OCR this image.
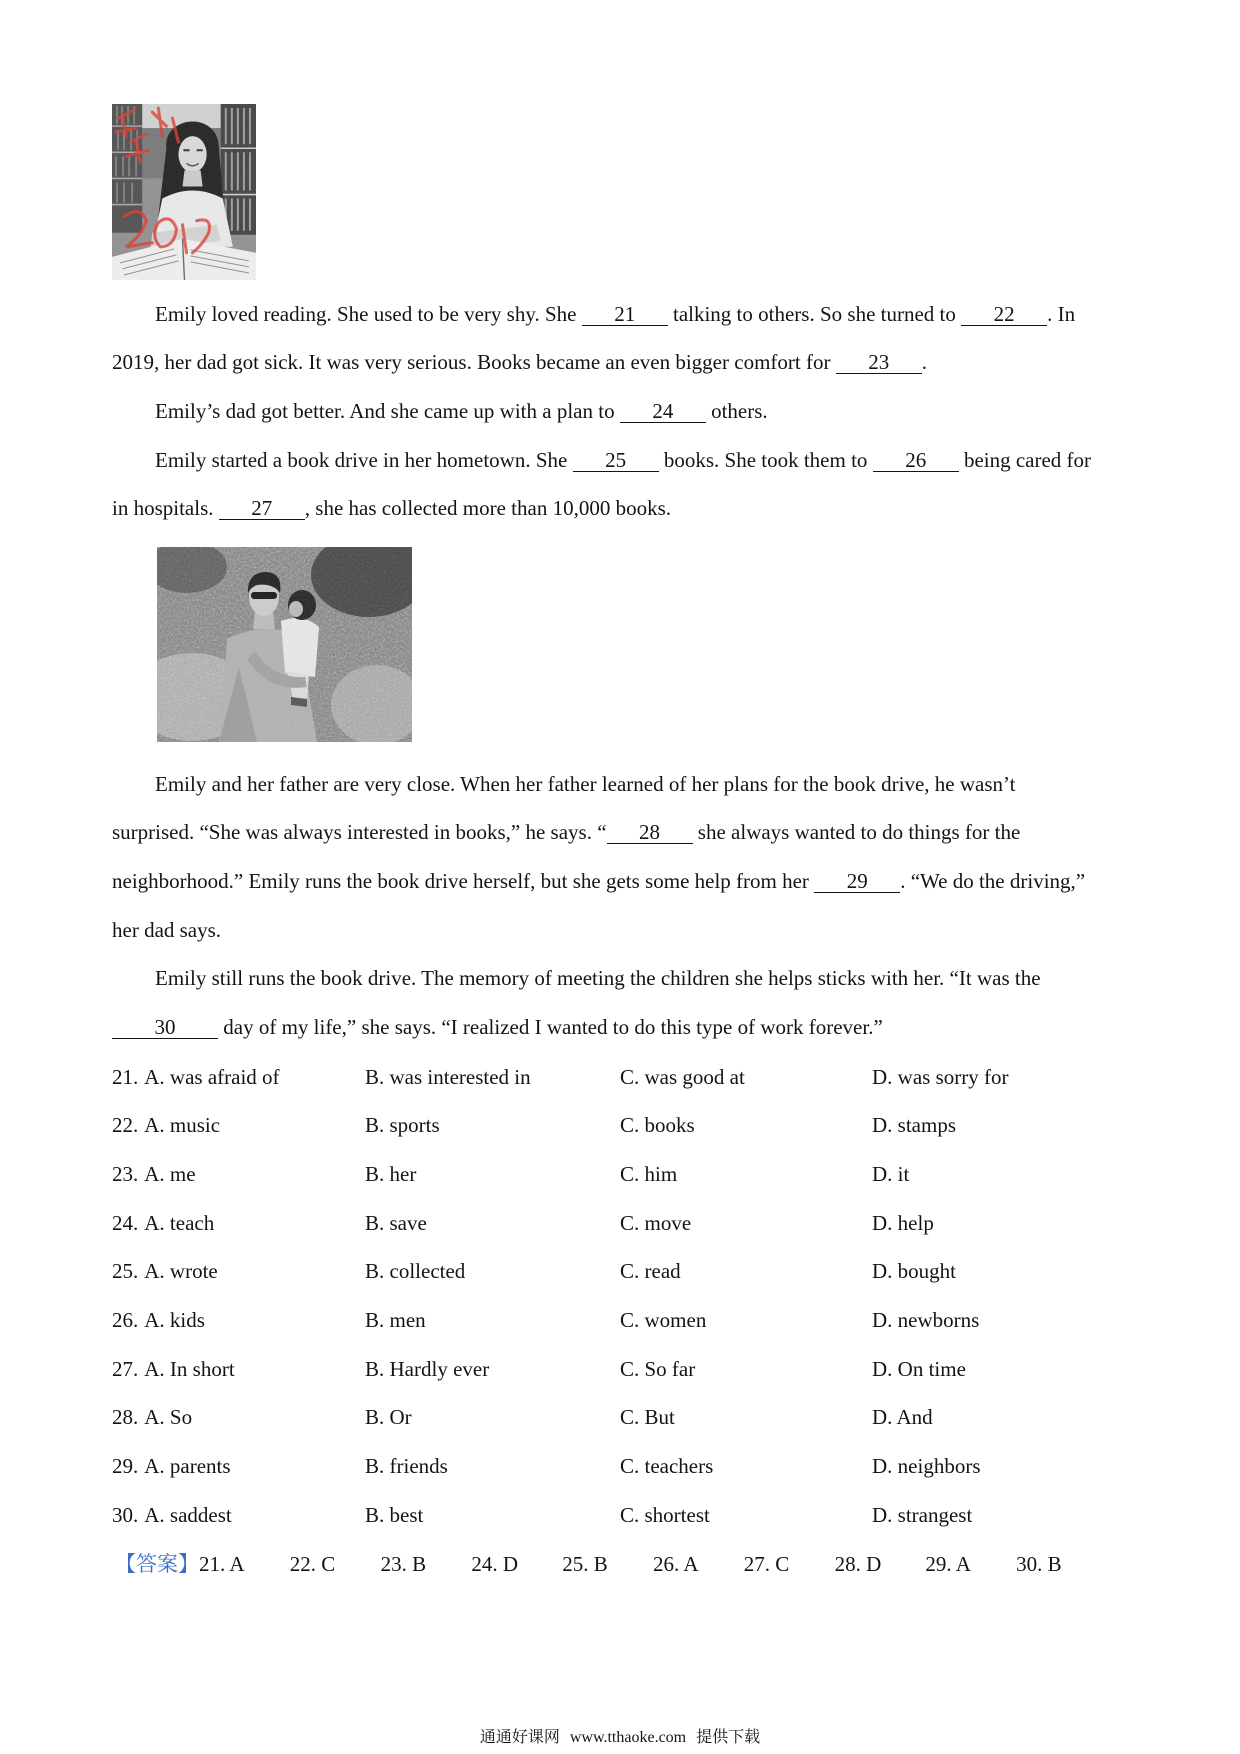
Emily loved reading. She used to be very shy. She 21 talking to others. So she turned to 22 . In
2019, her dad got sick. It was very serious. Books became an even bigger comfort for 23 .
Emily’s dad got better. And she came up with a plan to 24 others.
Emily started a book drive in her hometown. She 25 books. She took them to 26 being cared for
in hospitals. 27 , she has collected more than 10,000 books.
Emily and her father are very close. When her father learned of her plans for the book drive, he wasn’t
surprised. “She was always interested in books,” he says. “ 28 she always wanted to do things for the
neighborhood.” Emily runs the book drive herself, but she gets some help from her 29 . “We do the driving,”
her dad says.
Emily still runs the book drive. The memory of meeting the children she helps sticks with her. “It was the
30 day of my life,” she says. “I realized I wanted to do this type of work forever.”
21. A. was afraid of	B. was interested in	C. was good at	D. was sorry for
22. A. music	B. sports	C. books	D. stamps
23. A. me	B. her	C. him	D. it
24. A. teach	B. save	C. move	D. help
25. A. wrote	B. collected	C. read	D. bought
26. A. kids	B. men	C. women	D. newborns
27. A. In short	B. Hardly ever	C. So far	D. On time
28. A. So	B. Or	C. But	D. And
29. A. parents	B. friends	C. teachers	D. neighbors
30. A. saddest	B. best	C. shortest	D. strangest
【答案】21. A 22. C 23. B 24. D 25. B 26. A 27. C 28. D 29. A 30. B
通通好课网 www.tthaoke.com 提供下载
